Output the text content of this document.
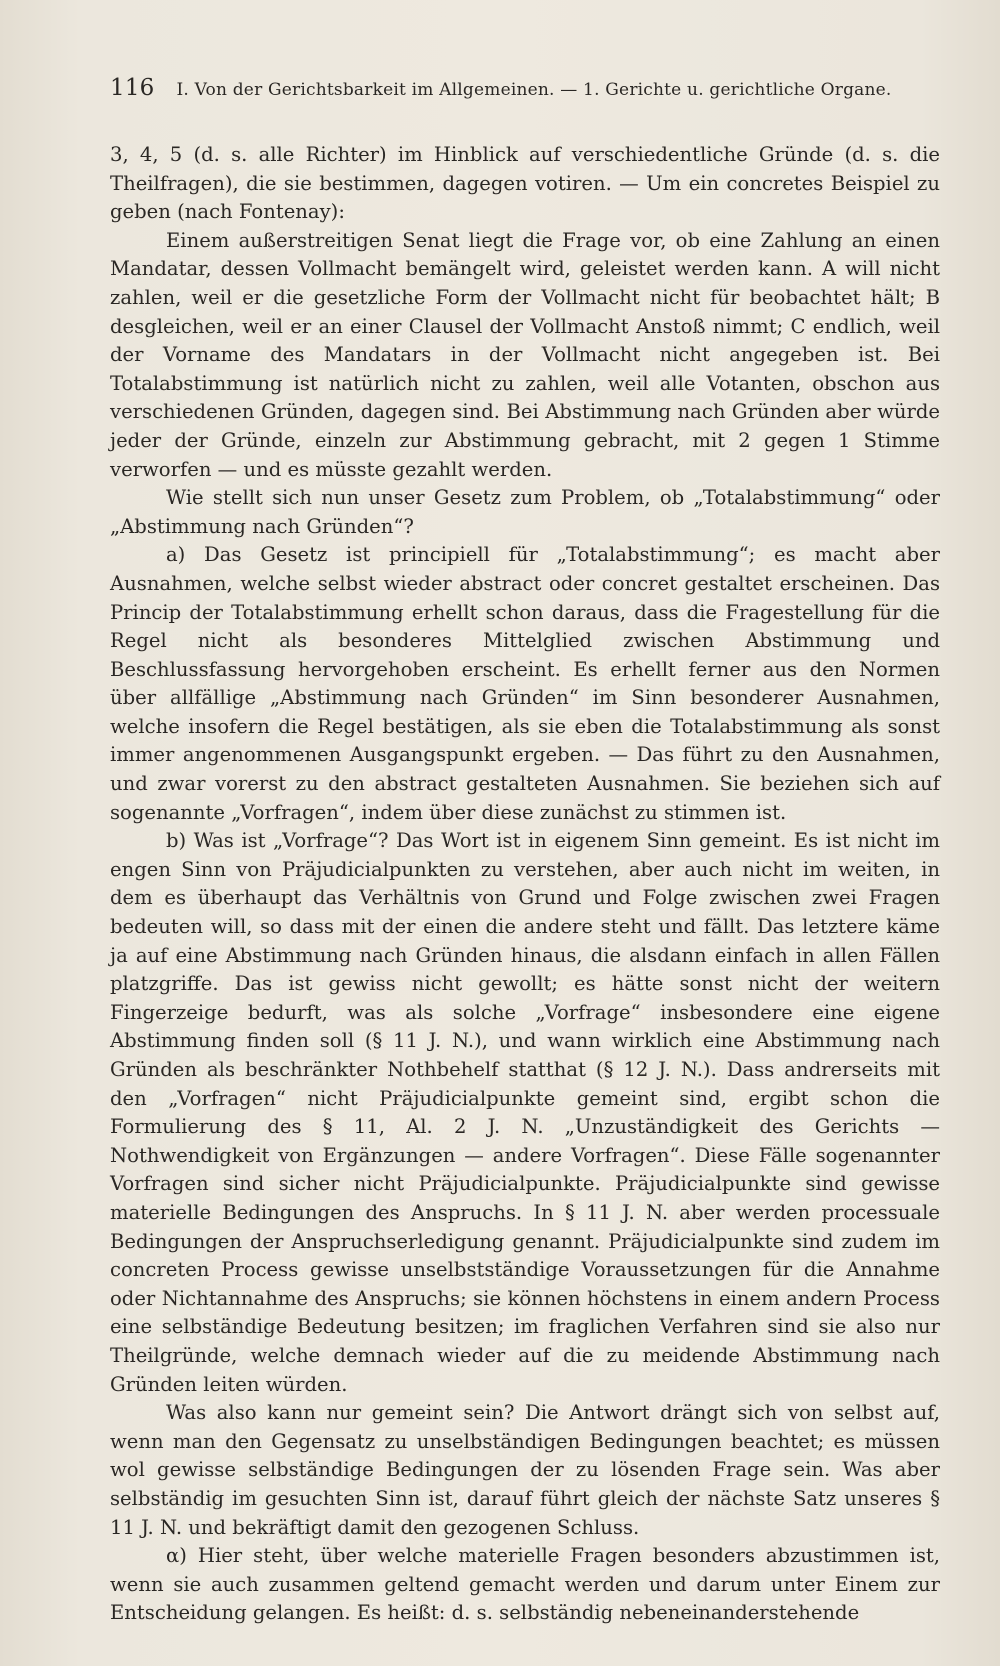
116 I. Von der Gerichtsbarkeit im Allgemeinen. — 1. Gerichte u. gerichtliche Organe.

3, 4, 5 (d. s. alle Richter) im Hinblick auf verschiedentliche Gründe (d. s. die Theilfragen), die sie bestimmen, dagegen votiren. — Um ein concretes Beispiel zu geben (nach Fontenay):

Einem außerstreitigen Senat liegt die Frage vor, ob eine Zahlung an einen Mandatar, dessen Vollmacht bemängelt wird, geleistet werden kann. A will nicht zahlen, weil er die gesetzliche Form der Vollmacht nicht für beobachtet hält; B desgleichen, weil er an einer Clausel der Vollmacht Anstoß nimmt; C endlich, weil der Vorname des Mandatars in der Vollmacht nicht angegeben ist. Bei Totalabstimmung ist natürlich nicht zu zahlen, weil alle Votanten, obschon aus verschiedenen Gründen, dagegen sind. Bei Abstimmung nach Gründen aber würde jeder der Gründe, einzeln zur Abstimmung gebracht, mit 2 gegen 1 Stimme verworfen — und es müsste gezahlt werden.

Wie stellt sich nun unser Gesetz zum Problem, ob „Totalabstimmung“ oder „Abstimmung nach Gründen“?

a) Das Gesetz ist principiell für „Totalabstimmung“; es macht aber Ausnahmen, welche selbst wieder abstract oder concret gestaltet erscheinen. Das Princip der Totalabstimmung erhellt schon daraus, dass die Fragestellung für die Regel nicht als besonderes Mittelglied zwischen Abstimmung und Beschlussfassung hervorgehoben erscheint. Es erhellt ferner aus den Normen über allfällige „Abstimmung nach Gründen“ im Sinn besonderer Ausnahmen, welche insofern die Regel bestätigen, als sie eben die Totalabstimmung als sonst immer angenommenen Ausgangspunkt ergeben. — Das führt zu den Ausnahmen, und zwar vorerst zu den abstract gestalteten Ausnahmen. Sie beziehen sich auf sogenannte „Vorfragen“, indem über diese zunächst zu stimmen ist.

b) Was ist „Vorfrage“? Das Wort ist in eigenem Sinn gemeint. Es ist nicht im engen Sinn von Präjudicialpunkten zu verstehen, aber auch nicht im weiten, in dem es überhaupt das Verhältnis von Grund und Folge zwischen zwei Fragen bedeuten will, so dass mit der einen die andere steht und fällt. Das letztere käme ja auf eine Abstimmung nach Gründen hinaus, die alsdann einfach in allen Fällen platzgriffe. Das ist gewiss nicht gewollt; es hätte sonst nicht der weitern Fingerzeige bedurft, was als solche „Vorfrage“ insbesondere eine eigene Abstimmung finden soll (§ 11 J. N.), und wann wirklich eine Abstimmung nach Gründen als beschränkter Nothbehelf statthat (§ 12 J. N.). Dass andrerseits mit den „Vorfragen“ nicht Präjudicialpunkte gemeint sind, ergibt schon die Formulierung des § 11, Al. 2 J. N. „Unzuständigkeit des Gerichts — Nothwendigkeit von Ergänzungen — andere Vorfragen“. Diese Fälle sogenannter Vorfragen sind sicher nicht Präjudicialpunkte. Präjudicialpunkte sind gewisse materielle Bedingungen des Anspruchs. In § 11 J. N. aber werden processuale Bedingungen der Anspruchserledigung genannt. Präjudicialpunkte sind zudem im concreten Process gewisse unselbstständige Voraussetzungen für die Annahme oder Nichtannahme des Anspruchs; sie können höchstens in einem andern Process eine selbständige Bedeutung besitzen; im fraglichen Verfahren sind sie also nur Theilgründe, welche demnach wieder auf die zu meidende Abstimmung nach Gründen leiten würden.

Was also kann nur gemeint sein? Die Antwort drängt sich von selbst auf, wenn man den Gegensatz zu unselbständigen Bedingungen beachtet; es müssen wol gewisse selbständige Bedingungen der zu lösenden Frage sein. Was aber selbständig im gesuchten Sinn ist, darauf führt gleich der nächste Satz unseres § 11 J. N. und bekräftigt damit den gezogenen Schluss.

α) Hier steht, über welche materielle Fragen besonders abzustimmen ist, wenn sie auch zusammen geltend gemacht werden und darum unter Einem zur Entscheidung gelangen. Es heißt: d. s. selbständig nebeneinanderstehende
